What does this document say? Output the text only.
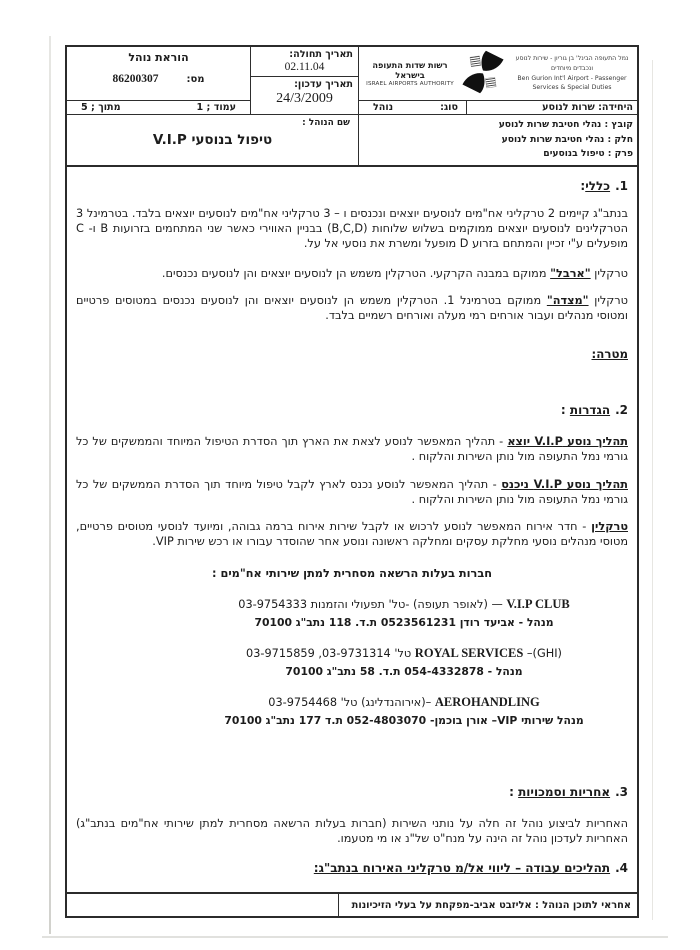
רשות שדות התעופה בישראל
ISRAEL AIRPORTS AUTHORITY
נמל התעופה הבינל' בן גוריון - שירות לנוסע ונכבדים מיוחדים
Ben Gurion Int'l Airport - Passenger Services & Special Duties
היחידה: שרות לנוסע
סוג:
נוהל
קובץ : נהלי חטיבת שרות לנוסע
חלק : נהלי חטיבת שרות לנוסע
פרק : טיפול בנוסעים
הוראת נוהל
מס:
86200307
עמוד ; 1
מתוך ; 5
תאריך תחולה:
02.11.04
תאריך עדכון:
24/3/2009
שם הנוהל :
טיפול בנוסעי V.I.P
1.כללי:

בנתב"ג קיימים 2 טרקליני אח"מים לנוסעים יוצאים ונכנסים ו – 3 טרקליני אח"מים לנוסעים יוצאים בלבד. בטרמינל 3 הטרקלינים לנוסעים יוצאים ממוקמים בשלוש שלוחות (B,C,D) בבניין האווירי כאשר שני המתחמים בזרועות B ו- C מופעלים ע"י זכיין והמתחם בזרוע D מופעל ומשרת את נוסעי אל על.

טרקלין "ארבל" ממוקם במבנה הקרקעי. הטרקלין משמש הן לנוסעים יוצאים והן לנוסעים נכנסים.

טרקלין "מצדה" ממוקם בטרמינל 1. הטרקלין משמש הן לנוסעים יוצאים והן לנוסעים נכנסים במטוסים פרטיים ומטוסי מנהלים ועבור אורחים רמי מעלה ואורחים רשמיים בלבד.

מטרה:
2.הגדרות :

תהליך נוסע V.I.P יוצא - תהליך המאפשר לנוסע לצאת את הארץ תוך הסדרת הטיפול המיוחד והממשקים של כל גורמי נמל התעופה מול נותן השירות והלקוח .

תהליך נוסע V.I.P ניכנס - תהליך המאפשר לנוסע נכנס לארץ לקבל טיפול מיוחד תוך הסדרת הממשקים של כל גורמי נמל התעופה מול נותן השירות והלקוח .

טרקלין - חדר אירוח המאפשר לנוסע לרכוש או לקבל שירות אירוח ברמה גבוהה, ומיועד לנוסעי מטוסים פרטיים, מטוסי מנהלים נוסעי מחלקת עסקים ומחלקה ראשונה ונוסע אחר שהוסדר עבורו או רכש שירות VIP.

חברות בעלות הרשאה מסחרית למתן שירותי אח"מים :
V.I.P CLUB — (לאופר תעופה) -טל' תפעולי והזמנות 03-9754333
מנהל - אביעד רודן 0523561231 ת.ד. 118 נתב"ג 70100
ROYAL SERVICES –(GHI) טל' 03-9731314, 03-9715859
מנהל - 054-4332878 ת.ד. 58 נתב"ג 70100
AEROHANDLING –(אירוהנדלינג) טל' 03-9754468
מנהל שירותי VIP– אורן בוכמן- 052-4803070 ת.ד 177 נתב"ג 70100
3.אחריות וסמכויות :

האחריות לביצוע נוהל זה חלה על נותני השירות (חברות בעלות הרשאה מסחרית למתן שירותי אח"מים בנתב"ג) האחריות לעדכון נוהל זה הינה על מנח"ט של"נ או מי מטעמו.

4.תהליכים עבודה – ליווי אל/מ טרקליני האירוח בנתב"ג:
אחראי לתוכן הנוהל : אליזבט אביב-מפקחת על בעלי הזיכיונות
